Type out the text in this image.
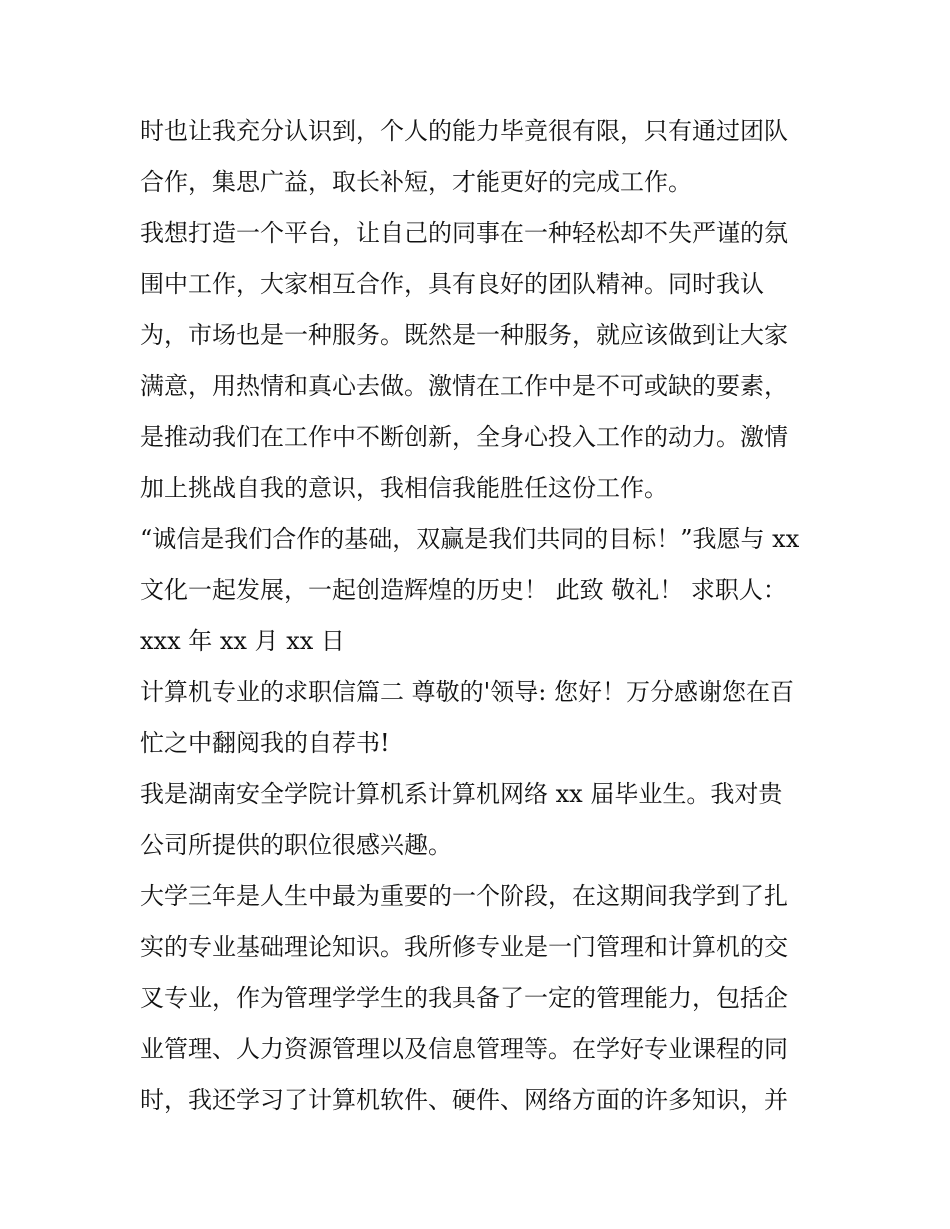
时也让我充分认识到，个人的能力毕竟很有限，只有通过团队
合作，集思广益，取长补短，才能更好的完成工作。
我想打造一个平台，让自己的同事在一种轻松却不失严谨的氛
围中工作，大家相互合作，具有良好的团队精神。同时我认
为，市场也是一种服务。既然是一种服务，就应该做到让大家
满意，用热情和真心去做。激情在工作中是不可或缺的要素，
是推动我们在工作中不断创新，全身心投入工作的动力。激情
加上挑战自我的意识，我相信我能胜任这份工作。
“诚信是我们合作的基础，双赢是我们共同的目标！”我愿与 xx
文化一起发展，一起创造辉煌的历史！ 此致 敬礼！ 求职人：
xxx 年 xx 月 xx 日
计算机专业的求职信篇二 尊敬的'领导: 您好！万分感谢您在百
忙之中翻阅我的自荐书!
我是湖南安全学院计算机系计算机网络 xx 届毕业生。我对贵
公司所提供的职位很感兴趣。
大学三年是人生中最为重要的一个阶段，在这期间我学到了扎
实的专业基础理论知识。我所修专业是一门管理和计算机的交
叉专业，作为管理学学生的我具备了一定的管理能力，包括企
业管理、人力资源管理以及信息管理等。在学好专业课程的同
时，我还学习了计算机软件、硬件、网络方面的许多知识，并
